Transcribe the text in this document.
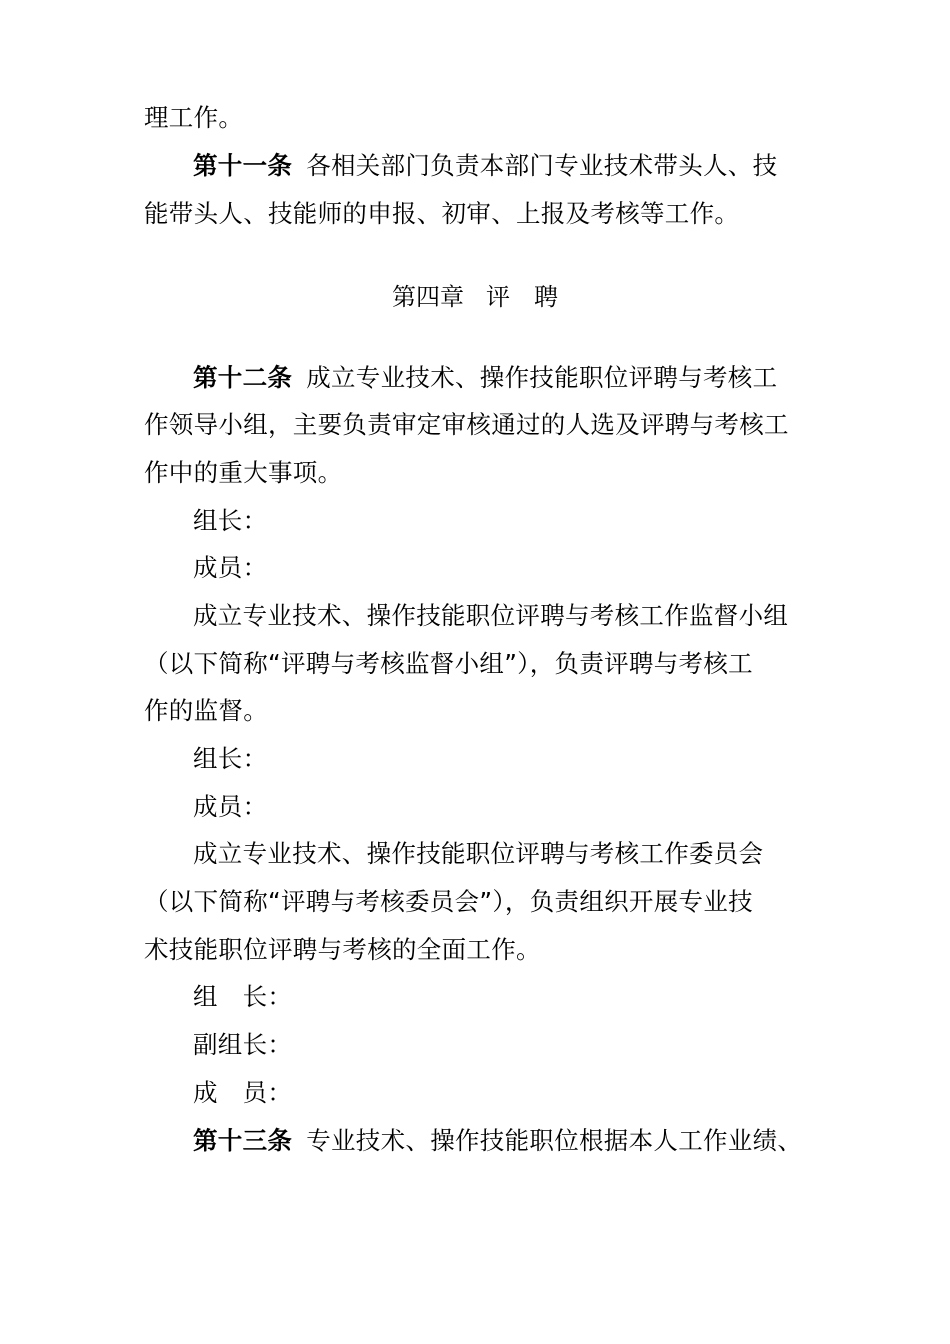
理工作。
第十一条 各相关部门负责本部门专业技术带头人、技
能带头人、技能师的申报、初审、上报及考核等工作。
第四章 评　聘
第十二条 成立专业技术、操作技能职位评聘与考核工
作领导小组，主要负责审定审核通过的人选及评聘与考核工
作中的重大事项。
组长：
成员：
成立专业技术、操作技能职位评聘与考核工作监督小组
（以下简称“评聘与考核监督小组”），负责评聘与考核工
作的监督。
组长：
成员：
成立专业技术、操作技能职位评聘与考核工作委员会
（以下简称“评聘与考核委员会”），负责组织开展专业技
术技能职位评聘与考核的全面工作。
组　长：
副组长：
成　员：
第十三条 专业技术、操作技能职位根据本人工作业绩、
